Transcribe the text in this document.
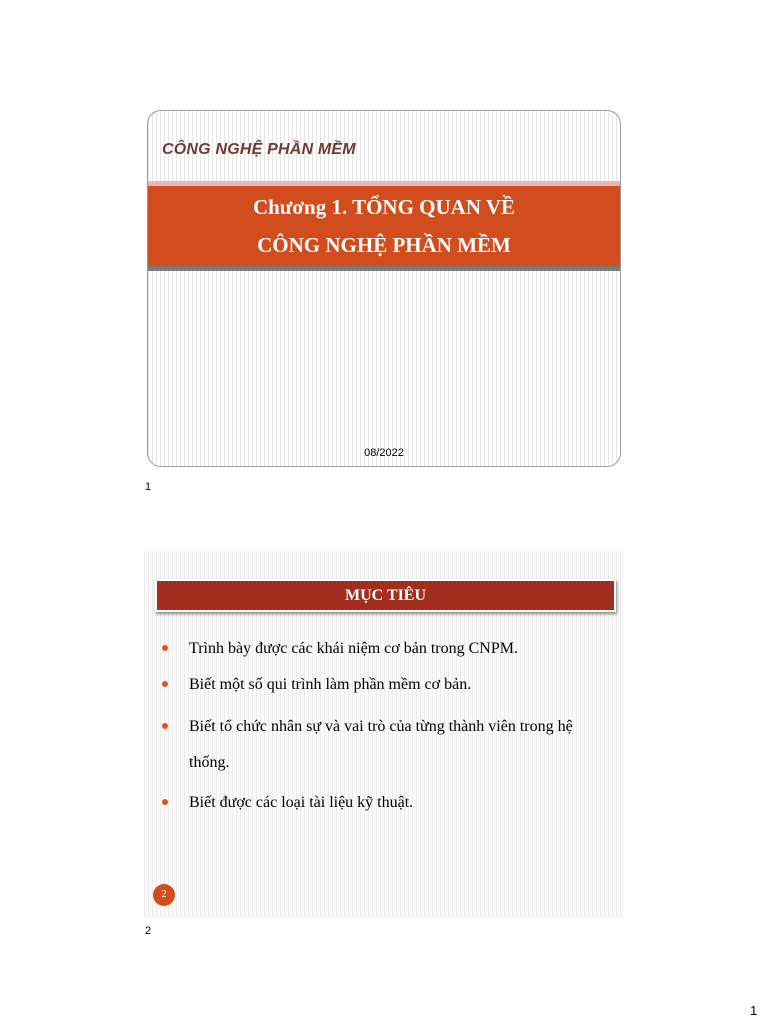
CÔNG NGHỆ PHẦN MỀM
Chương 1. TỔNG QUAN VỀ
CÔNG NGHỆ PHẦN MỀM
08/2022
1
MỤC TIÊU
Trình bày được các khái niệm cơ bản trong CNPM.
Biết một số qui trình làm phần mềm cơ bản.
Biết tổ chức nhân sự và vai trò của từng thành viên trong hệ thống.
Biết được các loại tài liệu kỹ thuật.
2
2
1
